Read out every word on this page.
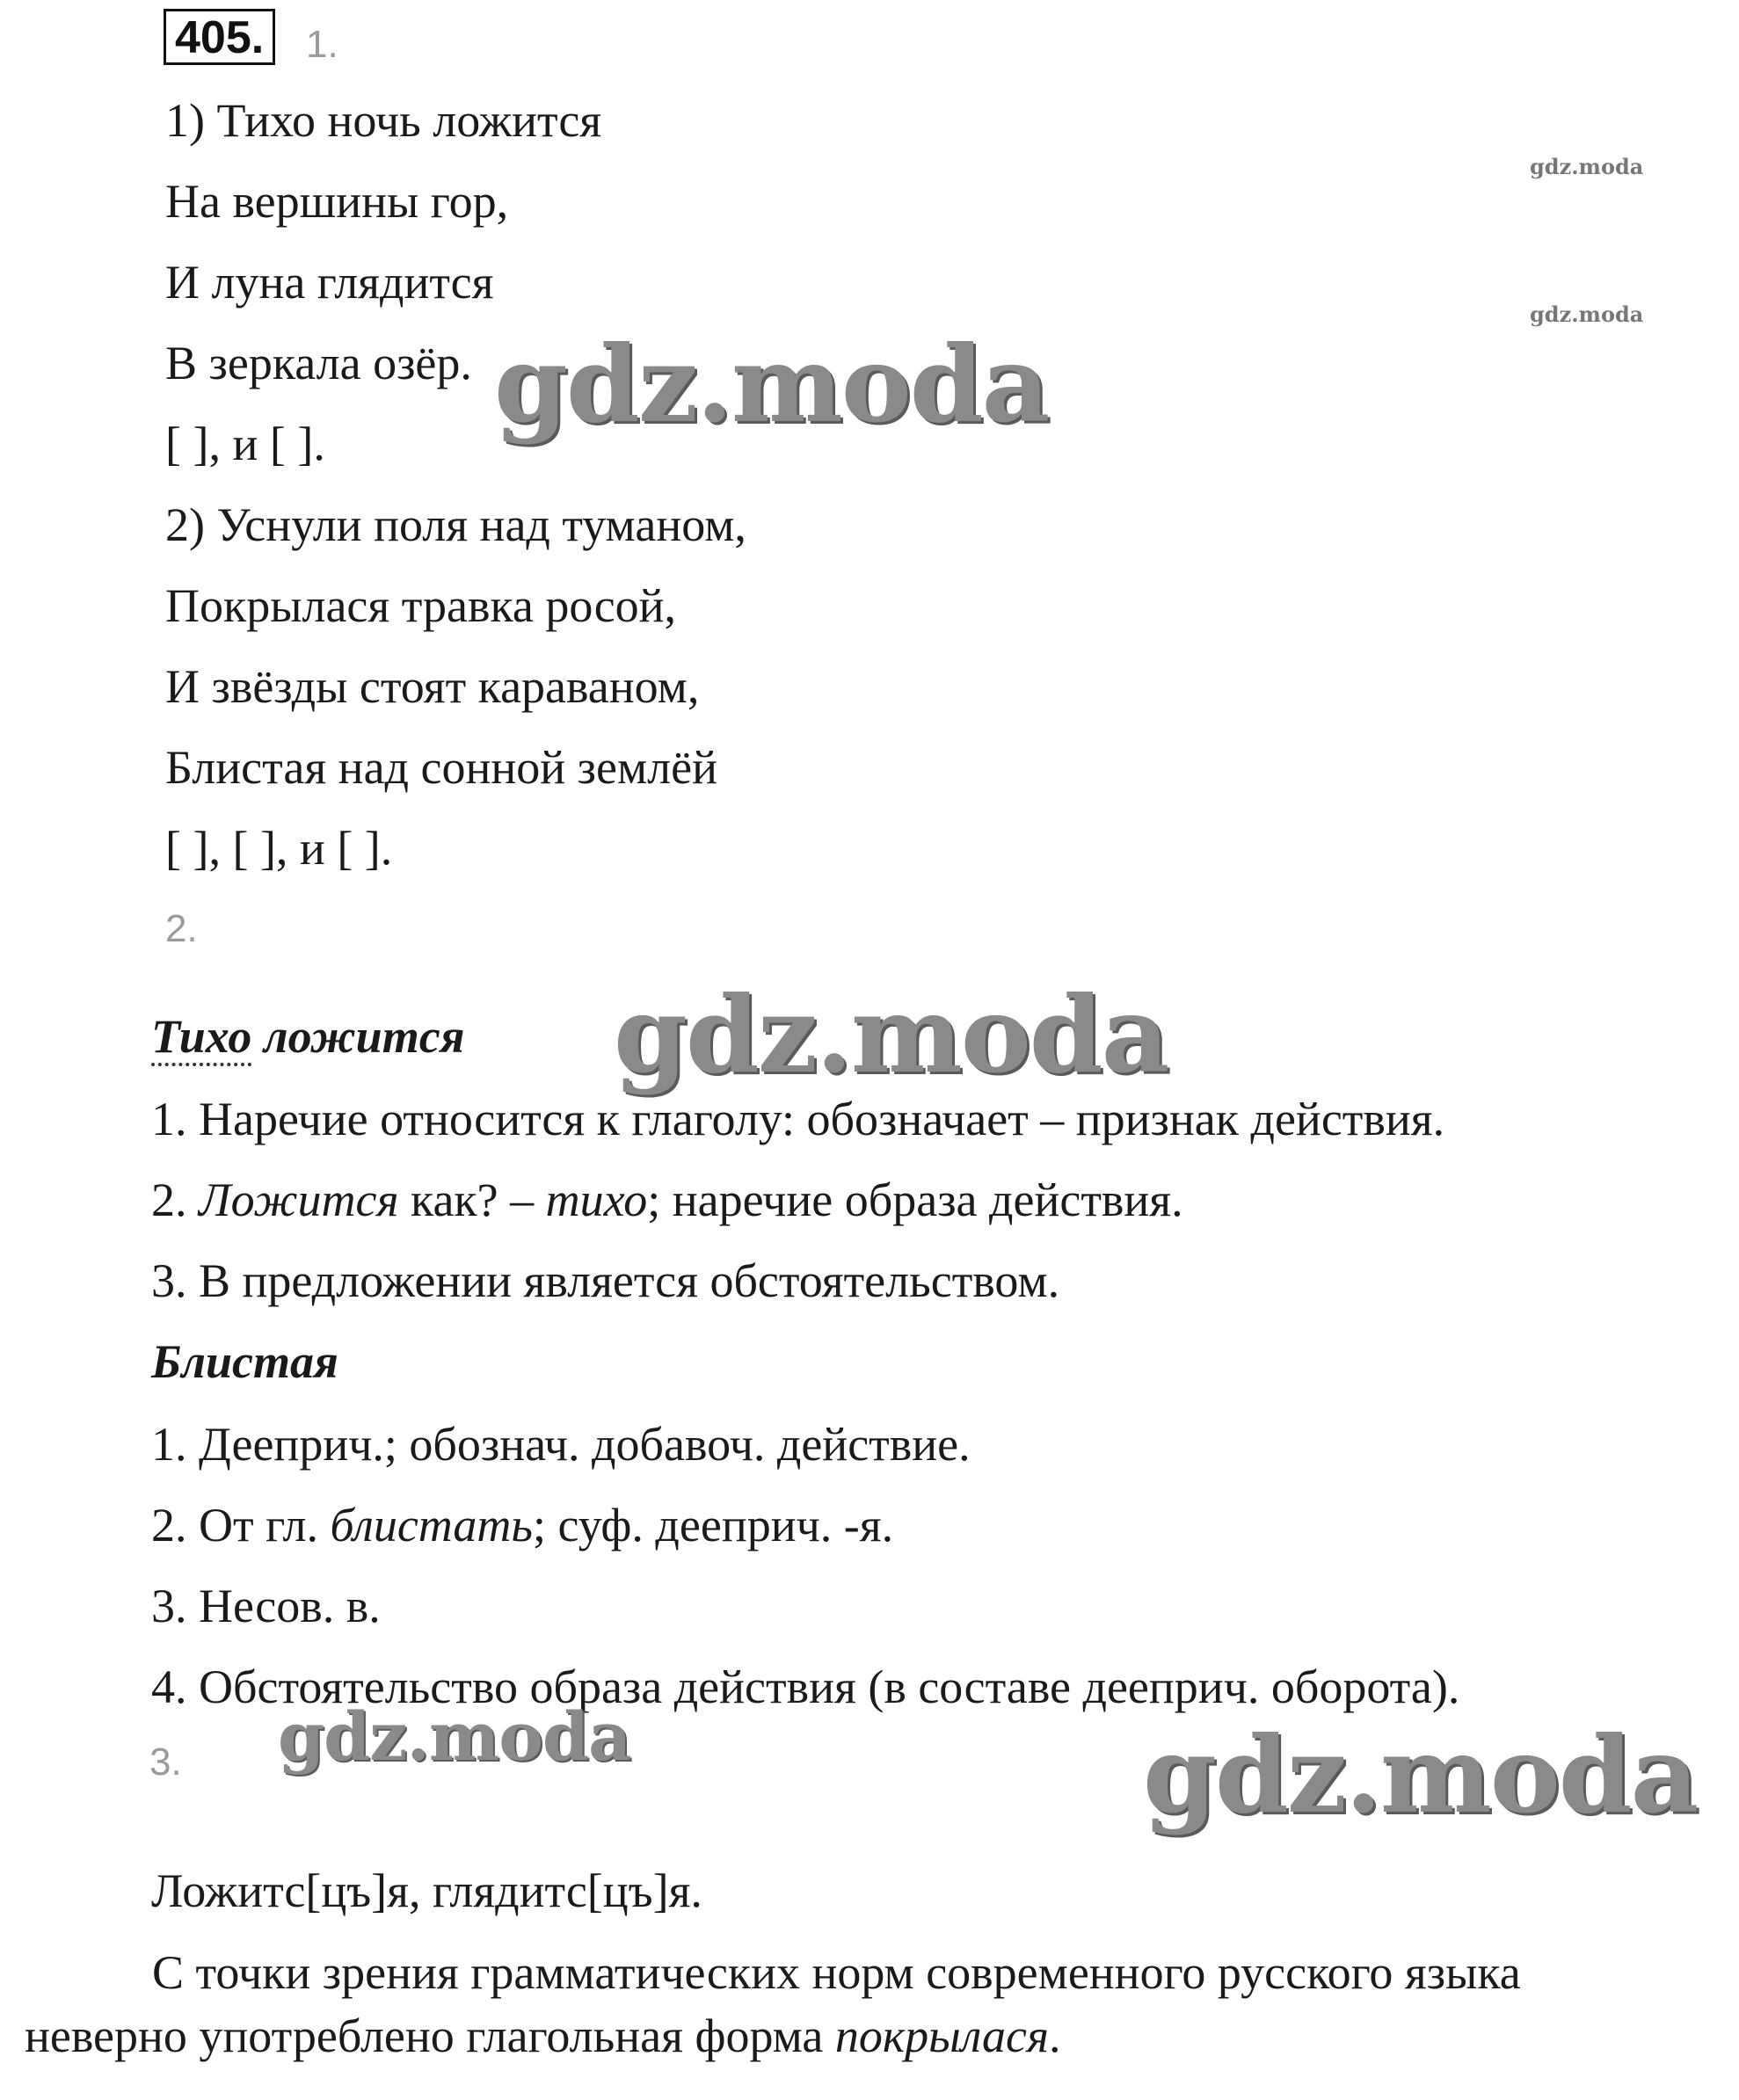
405. 1.
1) Тихо ночь ложится
На вершины гор,
И луна глядится
В зеркала озёр.
[ ], и [ ].
2) Уснули поля над туманом,
Покрылася травка росой,
И звёзды стоят караваном,
Блистая над сонной землёй
[ ], [ ], и [ ].
2.
Тихо ложится
1. Наречие относится к глаголу: обозначает – признак действия.
2. Ложится как? – тихо; наречие образа действия.
3. В предложении является обстоятельством.
Блистая
1. Дееприч.; обознач. добавоч. действие.
2. От гл. блистать; суф. дееприч. -я.
3. Несов. в.
4. Обстоятельство образа действия (в составе дееприч. оборота).
3.
Ложитс[цъ]я, глядитс[цъ]я.
С точки зрения грамматических норм современного русского языка неверно употреблено глагольная форма покрылася.
gdz.moda
gdz.moda
gdz.moda
gdz.moda
gdz.moda	gdz.moda
